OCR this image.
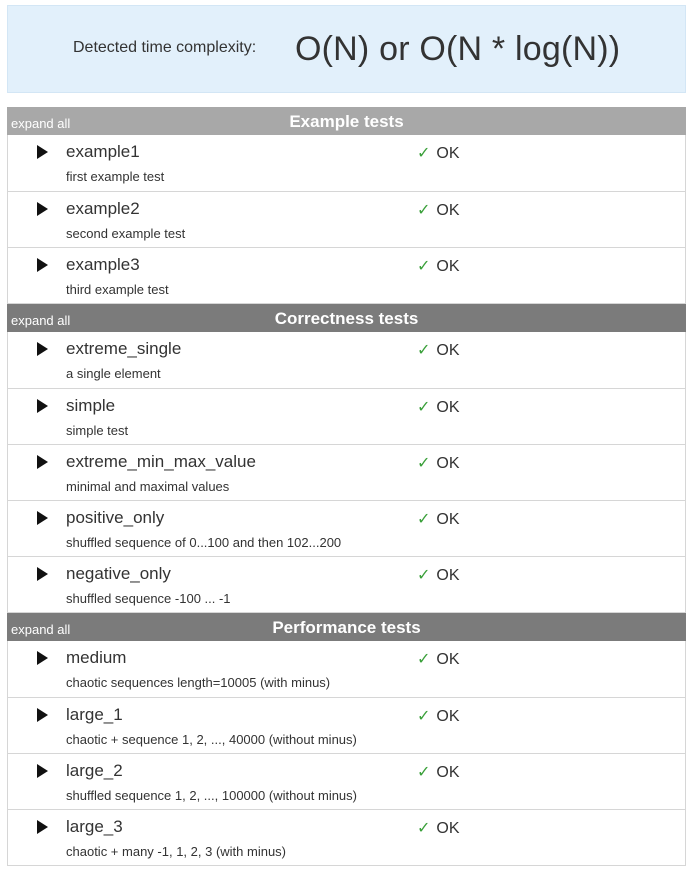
Detected time complexity: O(N) or O(N * log(N))
expand all	Example tests
example1
first example test
✓ OK
example2
second example test
✓ OK
example3
third example test
✓ OK
expand all	Correctness tests
extreme_single
a single element
✓ OK
simple
simple test
✓ OK
extreme_min_max_value
minimal and maximal values
✓ OK
positive_only
shuffled sequence of 0...100 and then 102...200
✓ OK
negative_only
shuffled sequence -100 ... -1
✓ OK
expand all	Performance tests
medium
chaotic sequences length=10005 (with minus)
✓ OK
large_1
chaotic + sequence 1, 2, ..., 40000 (without minus)
✓ OK
large_2
shuffled sequence 1, 2, ..., 100000 (without minus)
✓ OK
large_3
chaotic + many -1, 1, 2, 3 (with minus)
✓ OK
